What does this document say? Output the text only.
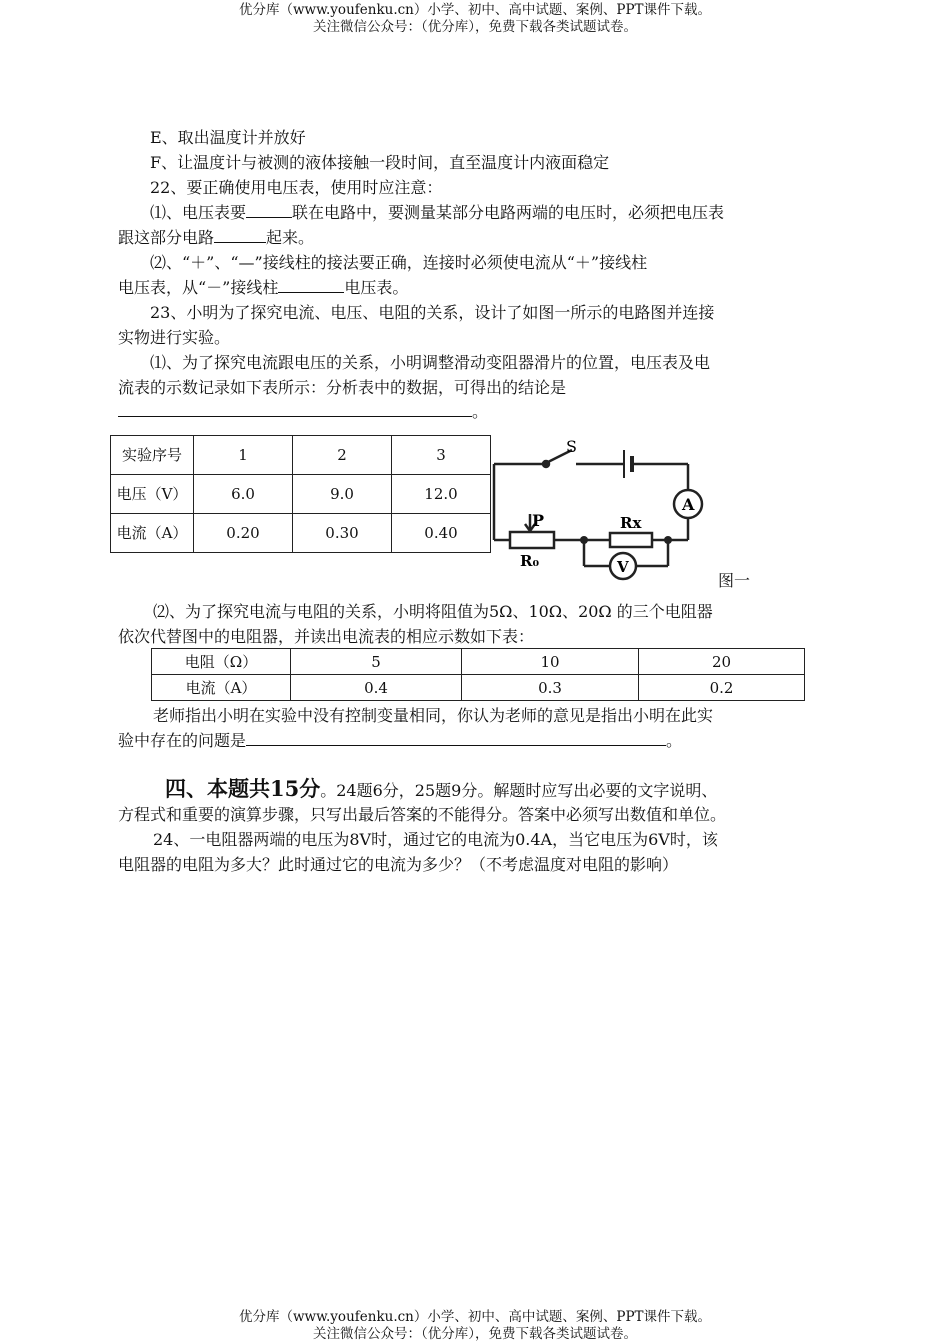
优分库（www.youfenku.cn）小学、初中、高中试题、案例、PPT课件下载。
关注微信公众号：（优分库），免费下载各类试题试卷。
E、取出温度计并放好
F、让温度计与被测的液体接触一段时间，直至温度计内液面稳定
22、要正确使用电压表，使用时应注意：
⑴、电压表要	联在电路中，要测量某部分电路两端的电压时，必须把电压表
跟这部分电路	起来。
⑵、“＋”、“—”接线柱的接法要正确，连接时必须使电流从“＋”接线柱
电压表，从“－”接线柱	电压表。
23、小明为了探究电流、电压、电阻的关系，设计了如图一所示的电路图并连接
实物进行实验。
⑴、为了探究电流跟电压的关系，小明调整滑动变阻器滑片的位置，电压表及电
流表的示数记录如下表所示：分析表中的数据，可得出的结论是
。
实验序号	1	2	3
电压（V）	6.0	9.0	12.0
电流（A）	0.20	0.30	0.40
S
P
R₀
Rx
A
V
图一
⑵、为了探究电流与电阻的关系，小明将阻值为5Ω、10Ω、20Ω 的三个电阻器
依次代替图中的电阻器，并读出电流表的相应示数如下表：
电阻（Ω）	5	10	20
电流（A）	0.4	0.3	0.2
老师指出小明在实验中没有控制变量相同，你认为老师的意见是指出小明在此实
验中存在的问题是	。
四、本题共15分。24题6分，25题9分。解题时应写出必要的文字说明、
方程式和重要的演算步骤，只写出最后答案的不能得分。答案中必须写出数值和单位。
24、一电阻器两端的电压为8V时，通过它的电流为0.4A，当它电压为6V时，该
电阻器的电阻为多大？此时通过它的电流为多少？（不考虑温度对电阻的影响）
优分库（www.youfenku.cn）小学、初中、高中试题、案例、PPT课件下载。
关注微信公众号：（优分库），免费下载各类试题试卷。
